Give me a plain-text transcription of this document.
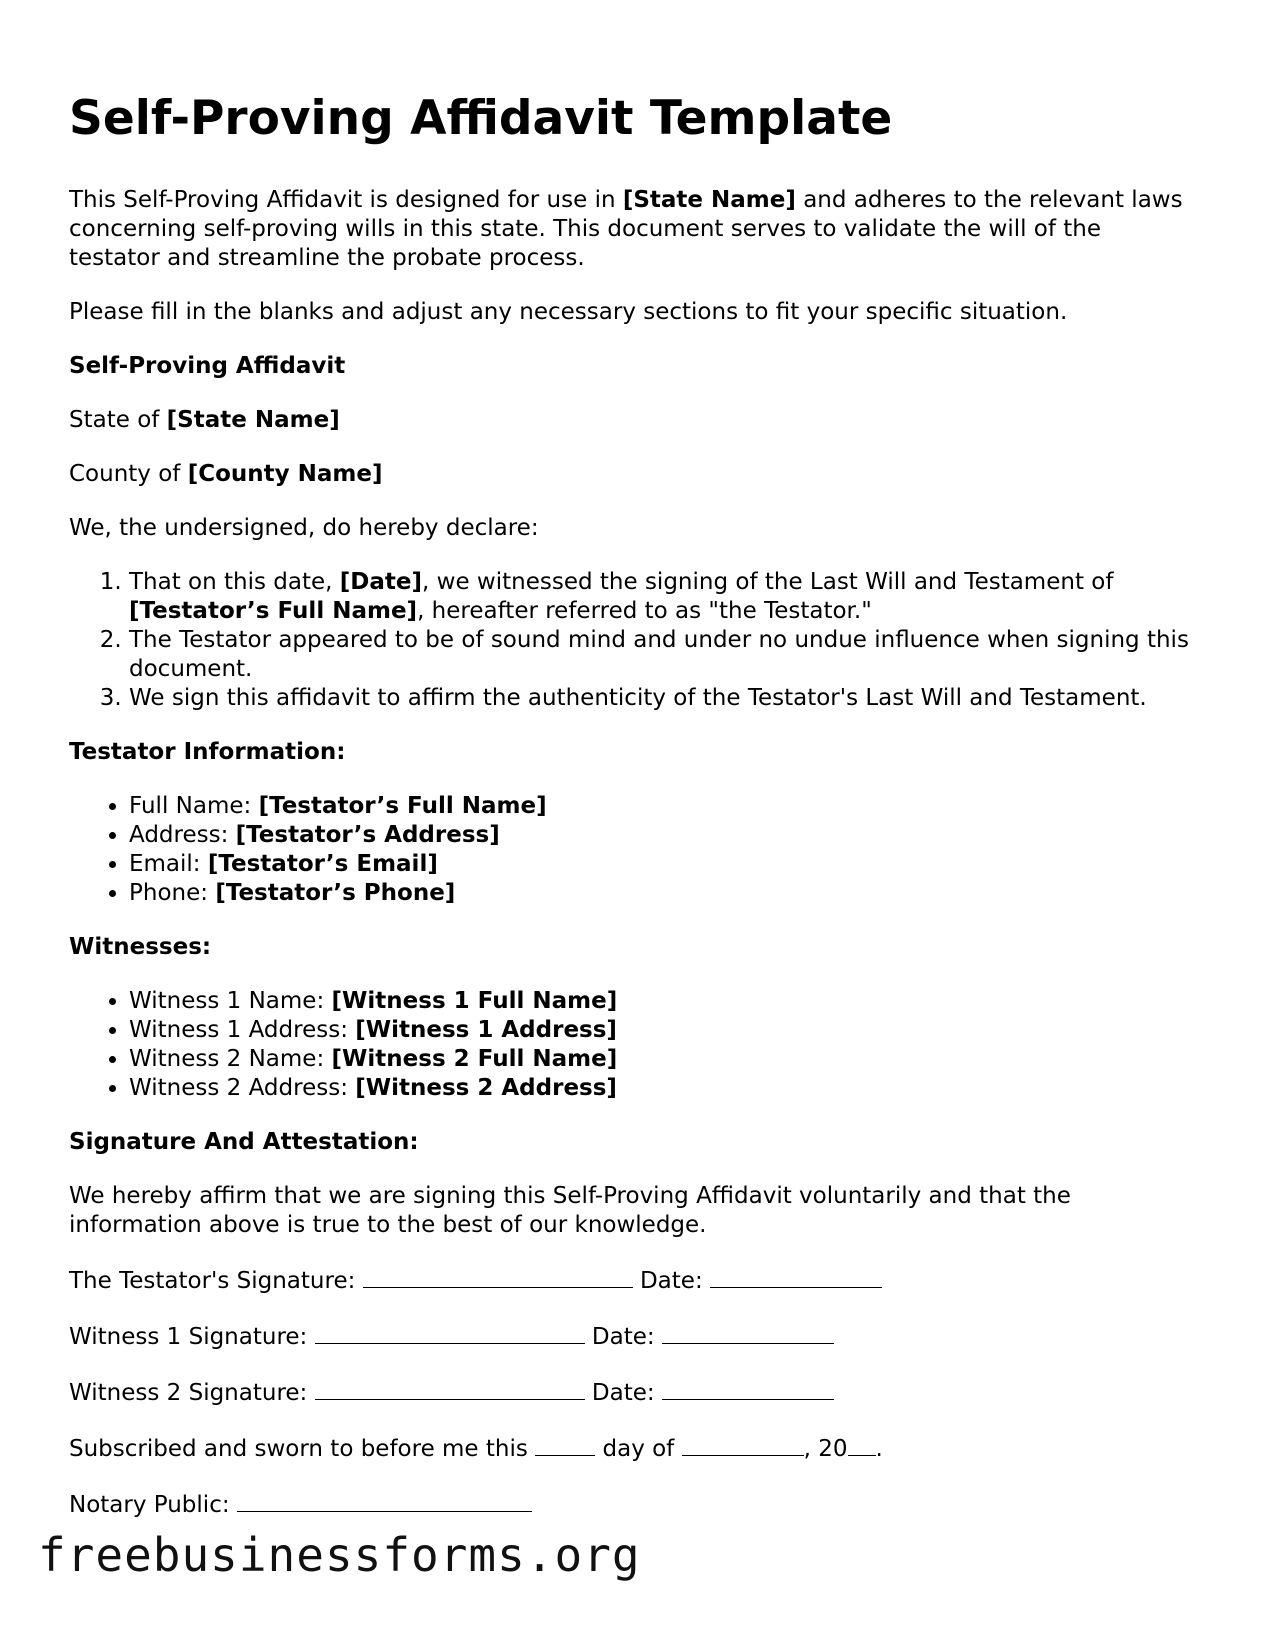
Self-Proving Affidavit Template

This Self-Proving Affidavit is designed for use in [State Name] and adheres to the relevant laws concerning self-proving wills in this state. This document serves to validate the will of the testator and streamline the probate process.

Please fill in the blanks and adjust any necessary sections to fit your specific situation.

Self-Proving Affidavit

State of [State Name]

County of [County Name]

We, the undersigned, do hereby declare:

1. That on this date, [Date], we witnessed the signing of the Last Will and Testament of [Testator’s Full Name], hereafter referred to as "the Testator."
2. The Testator appeared to be of sound mind and under no undue influence when signing this document.
3. We sign this affidavit to affirm the authenticity of the Testator's Last Will and Testament.

Testator Information:

• Full Name: [Testator’s Full Name]
• Address: [Testator’s Address]
• Email: [Testator’s Email]
• Phone: [Testator’s Phone]

Witnesses:

• Witness 1 Name: [Witness 1 Full Name]
• Witness 1 Address: [Witness 1 Address]
• Witness 2 Name: [Witness 2 Full Name]
• Witness 2 Address: [Witness 2 Address]

Signature And Attestation:

We hereby affirm that we are signing this Self-Proving Affidavit voluntarily and that the information above is true to the best of our knowledge.

The Testator's Signature:	Date:

Witness 1 Signature:	Date:

Witness 2 Signature:	Date:

Subscribed and sworn to before me this	day of	, 20 .

Notary Public:

freebusinessforms.org
